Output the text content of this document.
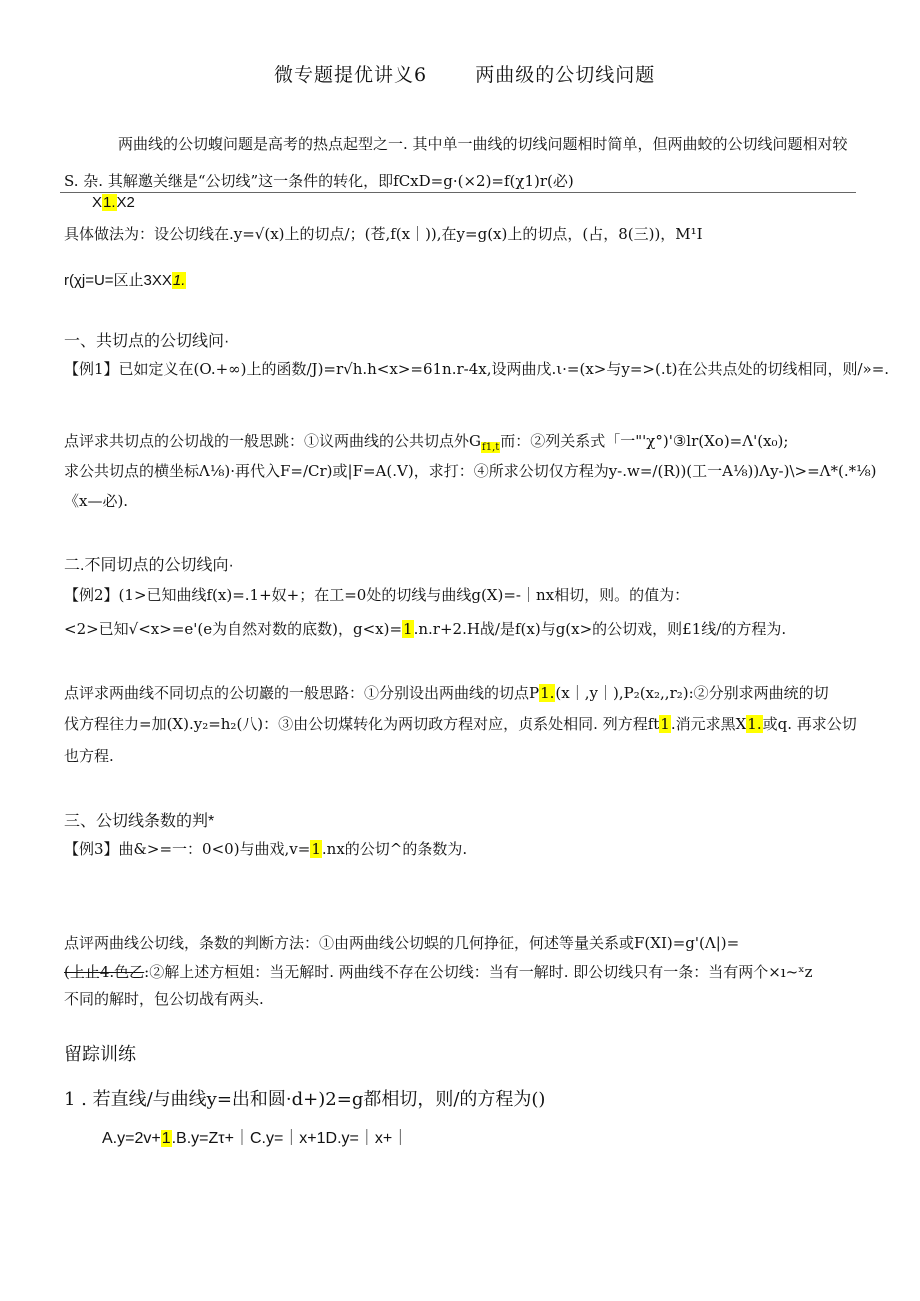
微专题提优讲义6	两曲级的公切线问题
两曲线的公切蝮问题是高考的热点起型之一. 其中单一曲线的切线问题相时简单，但两曲蛟的公切线问题相对较
S. 杂. 其解邀关继是“公切线”这一条件的转化，即fCxD=g·(×2)=f(χ1)r(必)
X1.X2
具体做法为：设公切线在.y=√(x)上的切点/；(苍,f(x｜)),在y=g(x)上的切点，(占，8(三))，M¹I
r(χj=U=区止3XX1.
一、共切点的公切线问·
【例1】已如定义在(O.+∞)上的函数/J)=r√h.h<x>=61n.r-4x,设两曲戊.ι·=(x>与y=>(.t)在公共点处的切线相同，则/»=.
点评求共切点的公切战的一般思跳：①议两曲线的公共切点外$G_{f1,t}$而：②列关系式「一"'χ°)'③lr(Xo)=Λ'(x₀);
求公共切点的横坐标Λ⅛)·再代入F=/Cr)或|F=A(.V)，求打：④所求公切仅方程为y-.w=/(R))(工一A⅛))Λy-)\>=Λ*(.*⅛)
《x—必).
二.不同切点的公切线向·
【例2】(1>已知曲线f(x)=.1+奴+；在工=0处的切线与曲线g(X)=-｜nx相切，则。的值为：
<2>已知√<x>=e'(e为自然对数的底数)，g<x)=1.n.r+2.H战/是f(x)与g(x>的公切戏，则£1线/的方程为.
点评求两曲线不同切点的公切巖的一般思路：①分别设出两曲线的切点P1.(x｜,y｜),P₂(x₂,,r₂):②分别求两曲统的切
伐方程往力=加(X).y₂=h₂(八)：③由公切煤转化为两切政方程对应，贞系处相同. 列方程ft1.消元求黑X1.或q. 再求公切
也方程.
三、公切线条数的判*
【例3】曲&>=一：0<0)与曲戏,v=1.nx的公切^的条数为.
点评两曲线公切线，条数的判断方法：①由两曲线公切蜈的几何挣征，何述等量关系或F(XI)=g'(Λ|)=
(上止4.色乙:②解上述方桓姐：当无解时. 两曲线不存在公切线：当有一解时. 即公切线只有一条：当有两个×ı~ˣz
不同的解时，包公切战有两头.
留踪训练
1 . 若直线/与曲线y=出和圆·d+)2=g都相切，则/的方程为()
A.y=2v+1.B.y=Zτ+｜C.y=｜x+1D.y=｜x+｜
